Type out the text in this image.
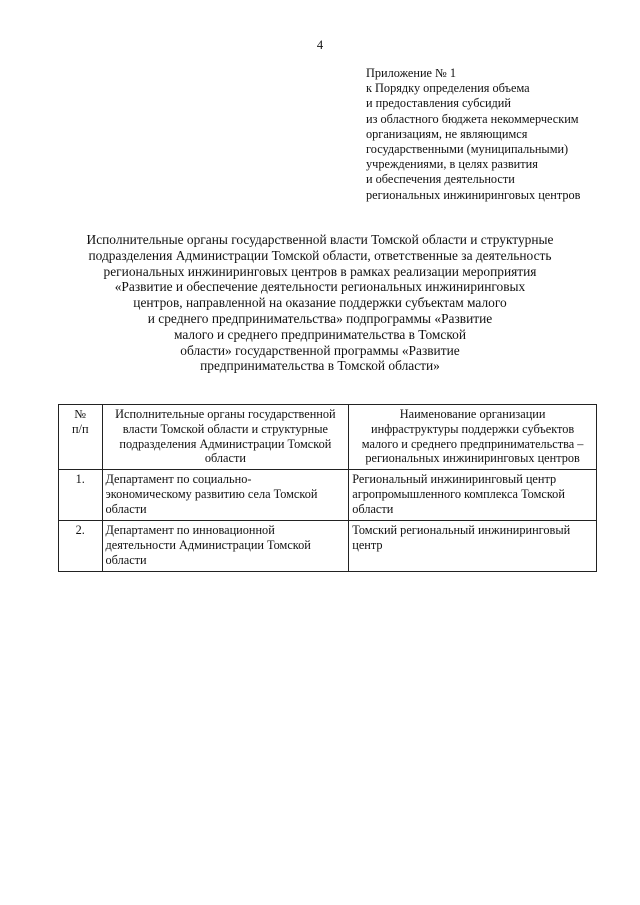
4
Приложение № 1
к Порядку определения объема
и предоставления субсидий
из областного бюджета некоммерческим
организациям, не являющимся
государственными (муниципальными)
учреждениями, в целях развития
и обеспечения деятельности
региональных инжиниринговых центров
Исполнительные органы государственной власти Томской области и структурные
подразделения Администрации Томской области, ответственные за деятельность
региональных инжиниринговых центров в рамках реализации мероприятия
«Развитие и обеспечение деятельности региональных инжиниринговых
центров, направленной на оказание поддержки субъектам малого
и среднего предпринимательства» подпрограммы «Развитие
малого и среднего предпринимательства в Томской
области» государственной программы «Развитие
предпринимательства в Томской области»
№
п/п	Исполнительные органы государственной
власти Томской области и структурные
подразделения Администрации Томской
области	Наименование организации
инфраструктуры поддержки субъектов
малого и среднего предпринимательства –
региональных инжиниринговых центров

1.	Департамент по социально-
экономическому развитию села Томской
области	Региональный инжиниринговый центр
агропромышленного комплекса Томской
области

2.	Департамент по инновационной
деятельности Администрации Томской
области	Томский региональный инжиниринговый
центр
